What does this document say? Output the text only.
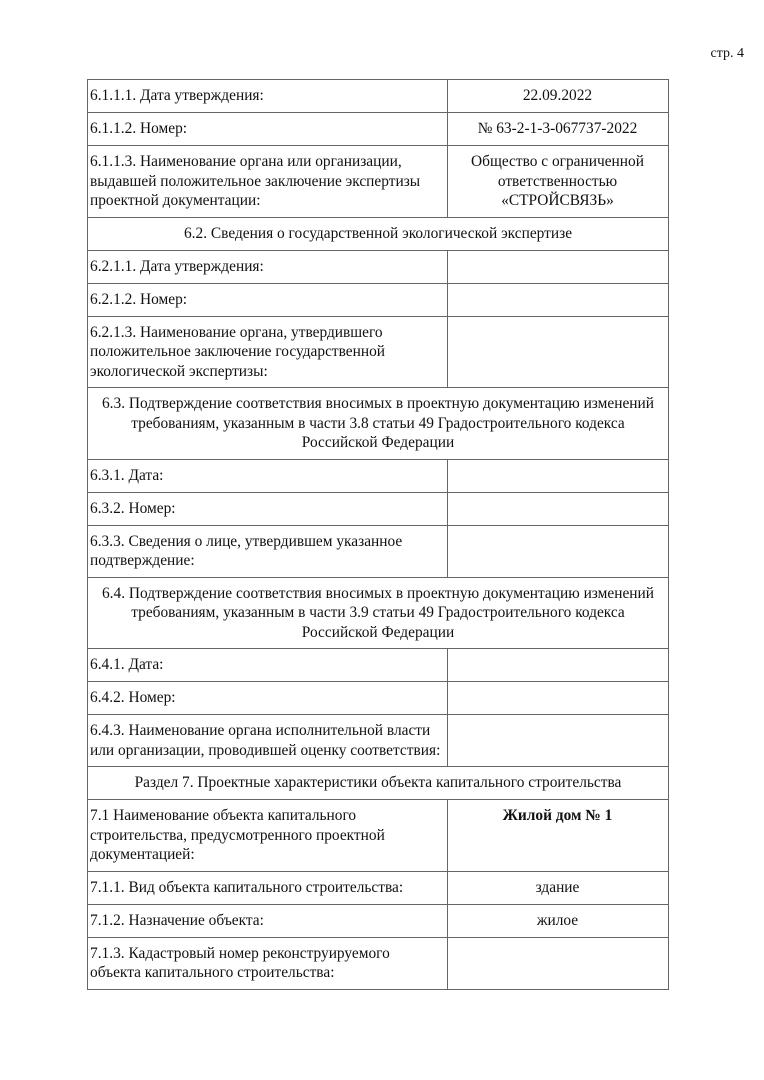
стр. 4
6.1.1.1. Дата утверждения:	22.09.2022
6.1.1.2. Номер:	№ 63-2-1-3-067737-2022
6.1.1.3. Наименование органа или организации, выдавшей положительное заключение экспертизы проектной документации:	Общество с ограниченной ответственностью «СТРОЙСВЯЗЬ»
6.2. Сведения о государственной экологической экспертизе	
6.2.1.1. Дата утверждения:	
6.2.1.2. Номер:	
6.2.1.3. Наименование органа, утвердившего положительное заключение государственной экологической экспертизы:	
6.3. Подтверждение соответствия вносимых в проектную документацию изменений требованиям, указанным в части 3.8 статьи 49 Градостроительного кодекса Российской Федерации	
6.3.1. Дата:	
6.3.2. Номер:	
6.3.3. Сведения о лице, утвердившем указанное подтверждение:	
6.4. Подтверждение соответствия вносимых в проектную документацию изменений требованиям, указанным в части 3.9 статьи 49 Градостроительного кодекса Российской Федерации	
6.4.1. Дата:	
6.4.2. Номер:	
6.4.3. Наименование органа исполнительной власти или организации, проводившей оценку соответствия:	
Раздел 7. Проектные характеристики объекта капитального строительства	
7.1 Наименование объекта капитального строительства, предусмотренного проектной документацией:	Жилой дом № 1
7.1.1. Вид объекта капитального строительства:	здание
7.1.2. Назначение объекта:	жилое
7.1.3. Кадастровый номер реконструируемого объекта капитального строительства:	
